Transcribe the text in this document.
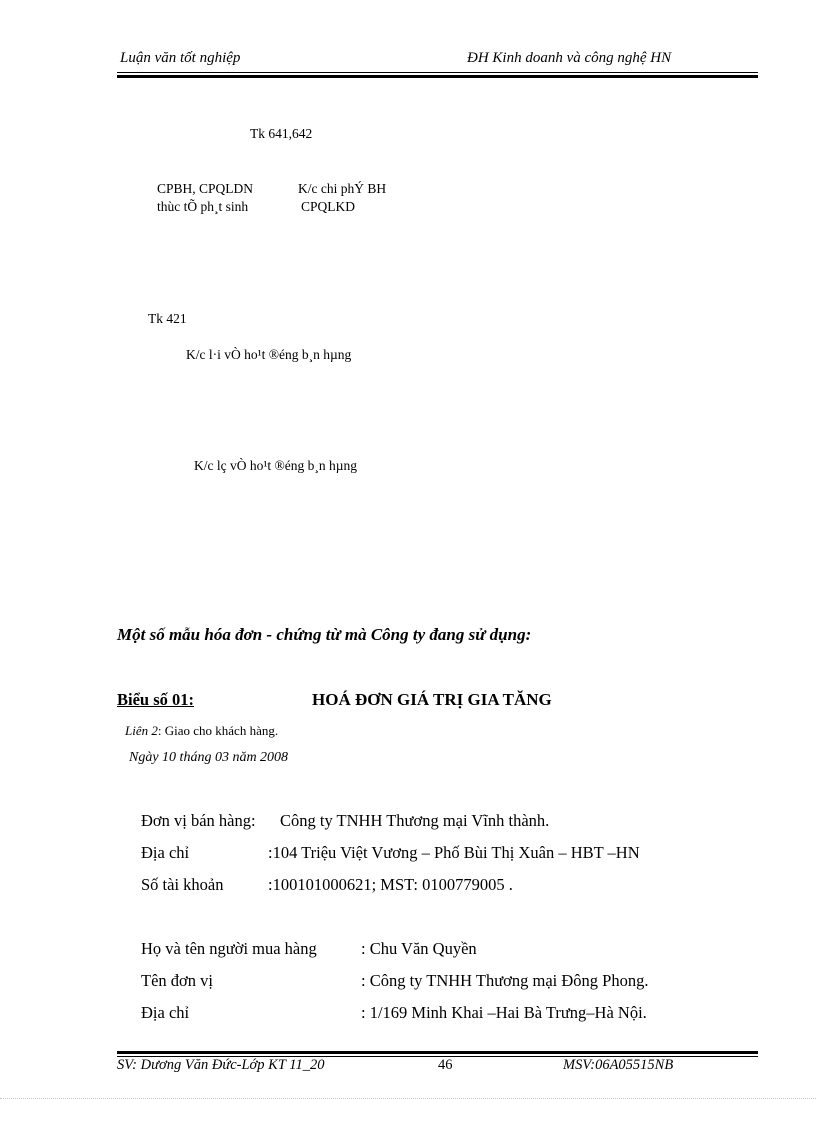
Luận văn tốt nghiệp	ĐH Kinh doanh và công nghệ HN
Tk 641,642
CPBH, CPQLDN
thùc tÕ ph¸t sinh
K/c chi phÝ BH
CPQLKD
Tk 421
K/c l·i vÒ ho¹t ®éng b¸n hµng
K/c lç vÒ ho¹t ®éng b¸n hµng
Một số mẫu hóa đơn - chứng từ mà Công ty đang sử dụng:
Biểu số 01:	HOÁ ĐƠN GIÁ TRỊ GIA TĂNG
Liên 2: Giao cho khách hàng.
Ngày 10 tháng 03 năm 2008
Đơn vị bán hàng: Công ty TNHH Thương mại Vĩnh thành.
Địa chỉ	:104 Triệu Việt Vương – Phố Bùi Thị Xuân – HBT –HN
Số tài khoản	:100101000621; MST: 0100779005 .
Họ và tên người mua hàng	: Chu Văn Quyền
Tên đơn vị	: Công ty TNHH Thương mại Đông Phong.
Địa chỉ	: 1/169 Minh Khai –Hai Bà Trưng–Hà Nội.
SV: Dương Văn Đức-Lớp KT 11_20	46	MSV:06A05515NB
